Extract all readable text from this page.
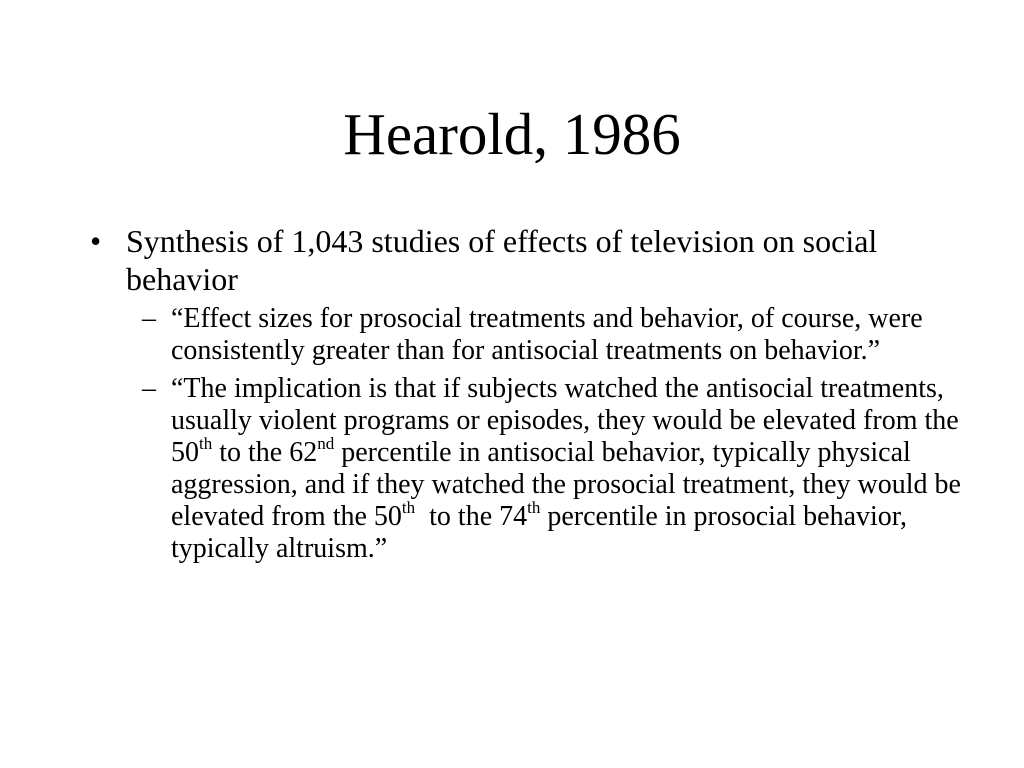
Hearold, 1986
• Synthesis of 1,043 studies of effects of television on social behavior
– “Effect sizes for prosocial treatments and behavior, of course, were consistently greater than for antisocial treatments on behavior.”
– “The implication is that if subjects watched the antisocial treatments, usually violent programs or episodes, they would be elevated from the 50th to the 62nd percentile in antisocial behavior, typically physical aggression, and if they watched the prosocial treatment, they would be elevated from the 50th  to the 74th percentile in prosocial behavior, typically altruism.”
